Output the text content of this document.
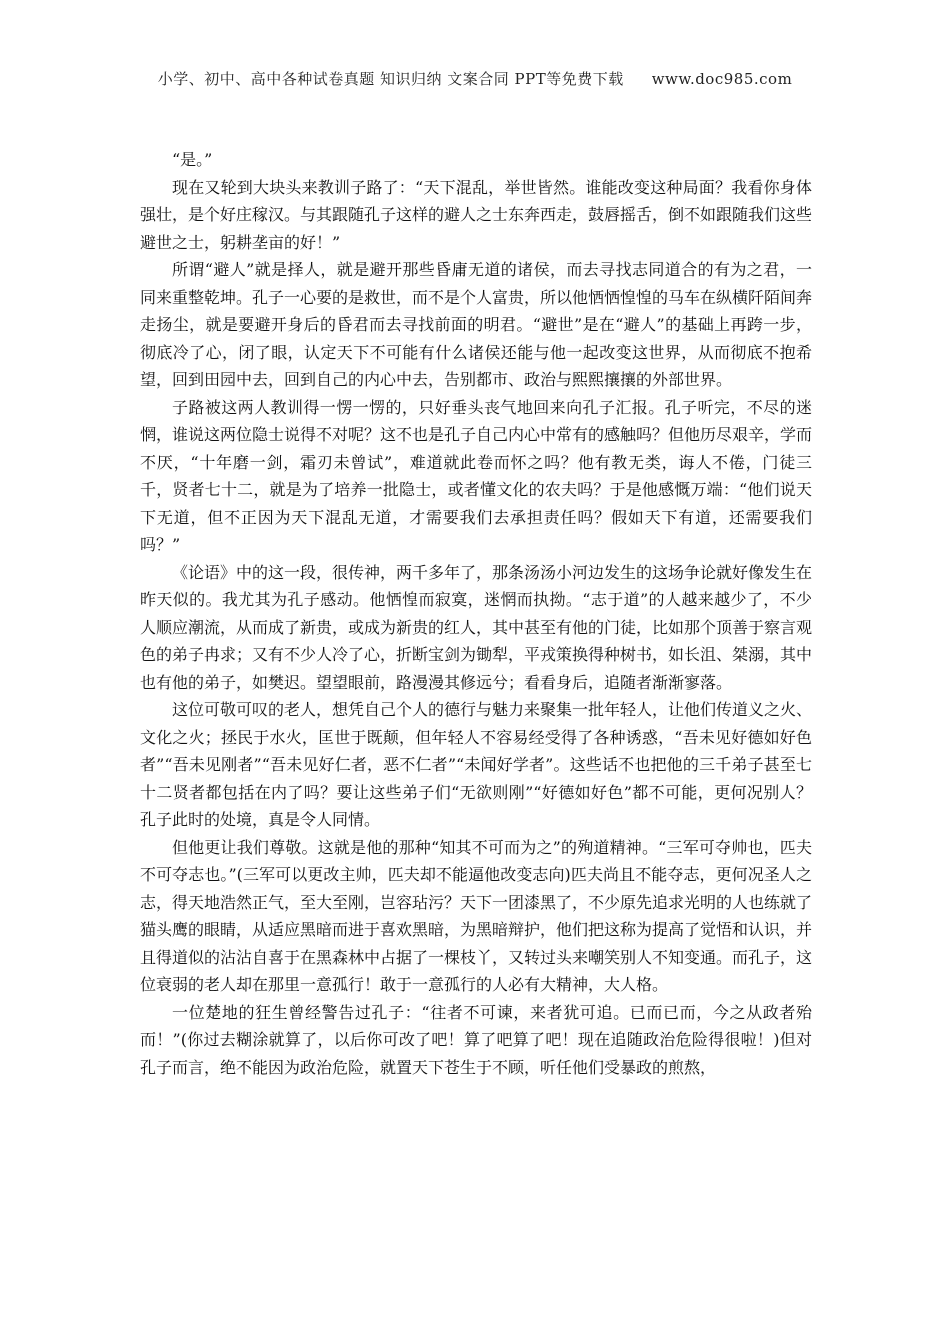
小学、初中、高中各种试卷真题 知识归纳 文案合同 PPT等免费下载 www.doc985.com

“是。”

现在又轮到大块头来教训子路了：“天下混乱，举世皆然。谁能改变这种局面？我看你身体强壮，是个好庄稼汉。与其跟随孔子这样的避人之士东奔西走，鼓唇摇舌，倒不如跟随我们这些避世之士，躬耕垄亩的好！”

所谓“避人”就是择人，就是避开那些昏庸无道的诸侯，而去寻找志同道合的有为之君，一同来重整乾坤。孔子一心要的是救世，而不是个人富贵，所以他恓恓惶惶的马车在纵横阡陌间奔走扬尘，就是要避开身后的昏君而去寻找前面的明君。“避世”是在“避人”的基础上再跨一步，彻底冷了心，闭了眼，认定天下不可能有什么诸侯还能与他一起改变这世界，从而彻底不抱希望，回到田园中去，回到自己的内心中去，告别都市、政治与熙熙攘攘的外部世界。

子路被这两人教训得一愣一愣的，只好垂头丧气地回来向孔子汇报。孔子听完，不尽的迷惘，谁说这两位隐士说得不对呢？这不也是孔子自己内心中常有的感触吗？但他历尽艰辛，学而不厌，“十年磨一剑，霜刃未曾试”，难道就此卷而怀之吗？他有教无类，诲人不倦，门徒三千，贤者七十二，就是为了培养一批隐士，或者懂文化的农夫吗？于是他感慨万端：“他们说天下无道，但不正因为天下混乱无道，才需要我们去承担责任吗？假如天下有道，还需要我们吗？”

《论语》中的这一段，很传神，两千多年了，那条汤汤小河边发生的这场争论就好像发生在昨天似的。我尤其为孔子感动。他恓惶而寂寞，迷惘而执拗。“志于道”的人越来越少了，不少人顺应潮流，从而成了新贵，或成为新贵的红人，其中甚至有他的门徒，比如那个顶善于察言观色的弟子冉求；又有不少人冷了心，折断宝剑为锄犁，平戎策换得种树书，如长沮、桀溺，其中也有他的弟子，如樊迟。望望眼前，路漫漫其修远兮；看看身后，追随者渐渐寥落。

这位可敬可叹的老人，想凭自己个人的德行与魅力来聚集一批年轻人，让他们传道义之火、文化之火；拯民于水火，匡世于既颠，但年轻人不容易经受得了各种诱惑，“吾未见好德如好色者”“吾未见刚者”“吾未见好仁者，恶不仁者”“未闻好学者”。这些话不也把他的三千弟子甚至七十二贤者都包括在内了吗？要让这些弟子们“无欲则刚”“好德如好色”都不可能，更何况别人？孔子此时的处境，真是令人同情。

但他更让我们尊敬。这就是他的那种“知其不可而为之”的殉道精神。“三军可夺帅也，匹夫不可夺志也。”(三军可以更改主帅，匹夫却不能逼他改变志向)匹夫尚且不能夺志，更何况圣人之志，得天地浩然正气，至大至刚，岂容玷污？天下一团漆黑了，不少原先追求光明的人也练就了猫头鹰的眼睛，从适应黑暗而进于喜欢黑暗，为黑暗辩护，他们把这称为提高了觉悟和认识，并且得道似的沾沾自喜于在黑森林中占据了一棵枝丫，又转过头来嘲笑别人不知变通。而孔子，这位衰弱的老人却在那里一意孤行！敢于一意孤行的人必有大精神，大人格。

一位楚地的狂生曾经警告过孔子：“往者不可谏，来者犹可追。已而已而，今之从政者殆而！”(你过去糊涂就算了，以后你可改了吧！算了吧算了吧！现在追随政治危险得很啦！)但对孔子而言，绝不能因为政治危险，就置天下苍生于不顾，听任他们受暴政的煎熬，
